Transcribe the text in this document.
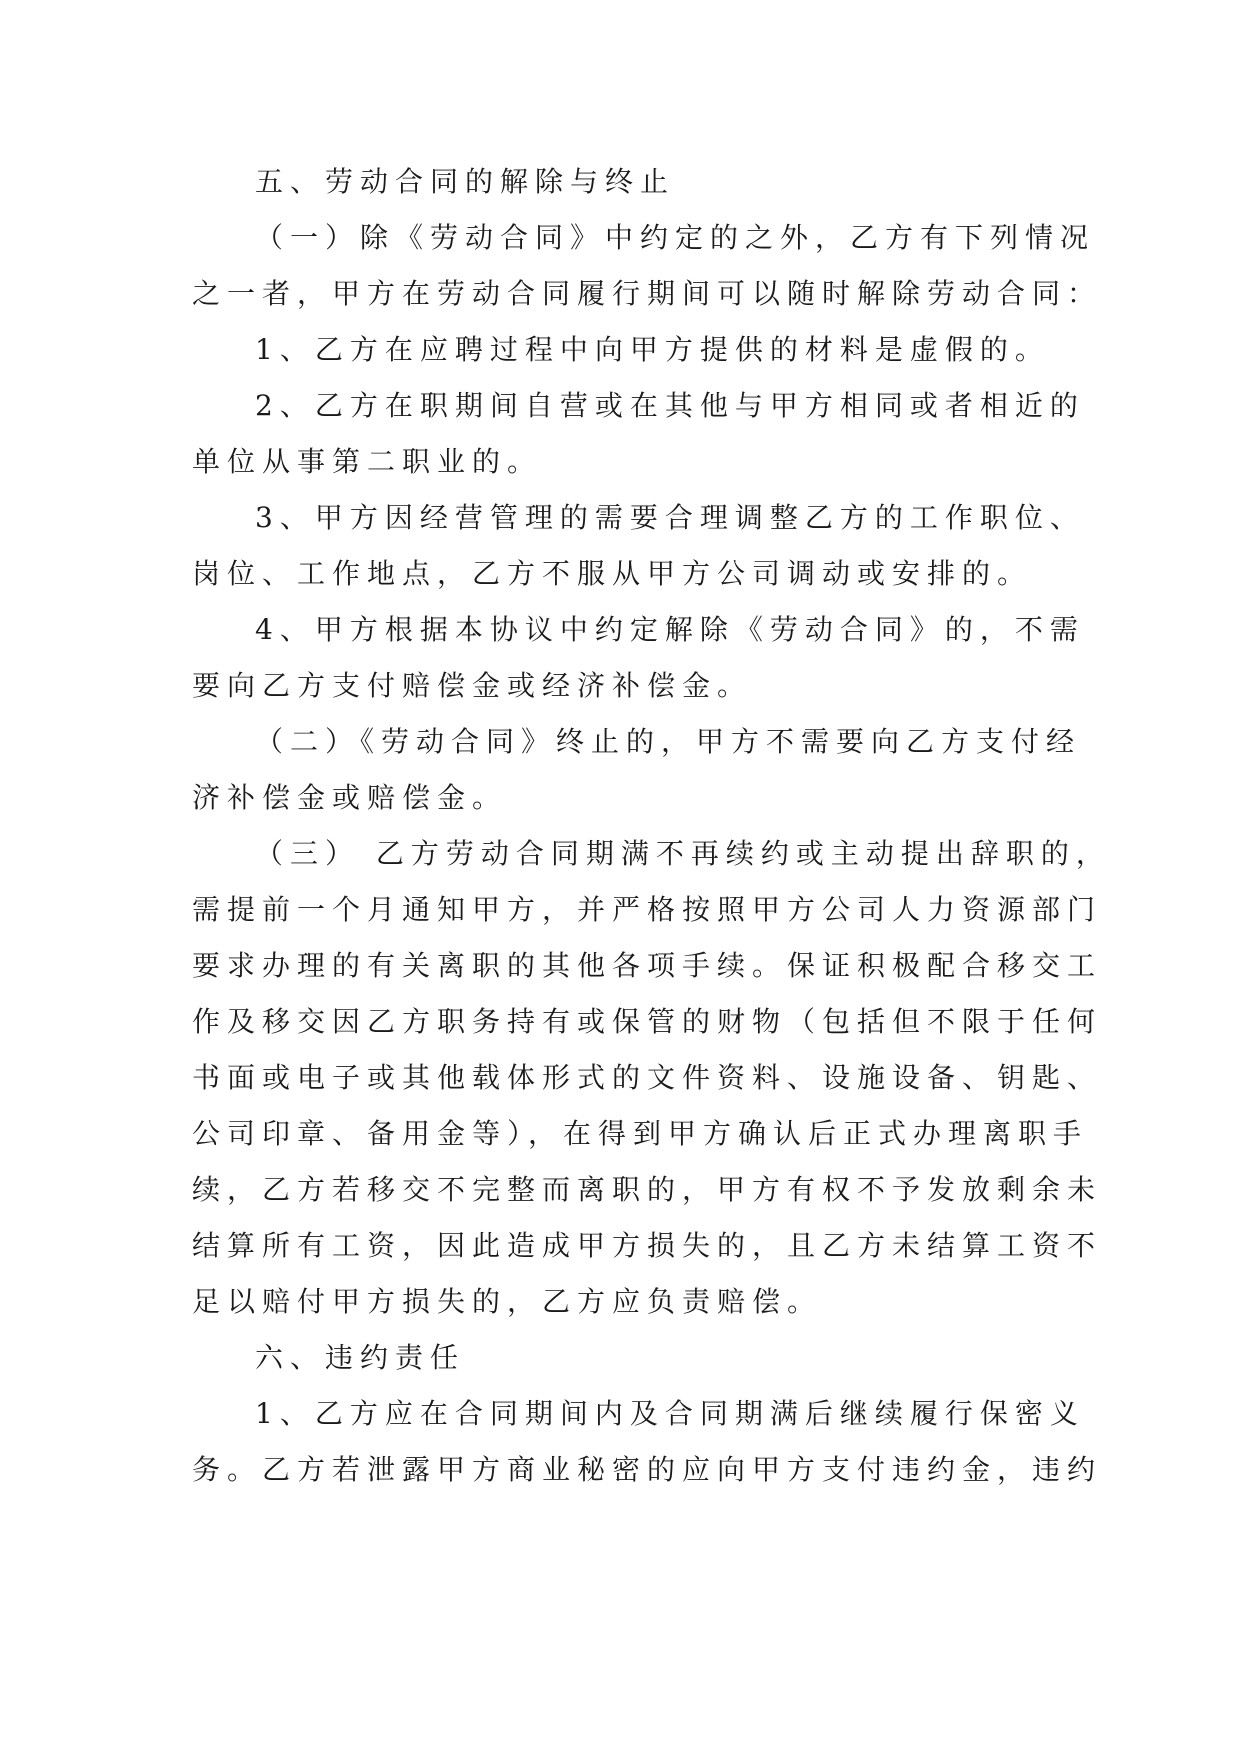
五、劳动合同的解除与终止
（一）除《劳动合同》中约定的之外，乙方有下列情况
之一者，甲方在劳动合同履行期间可以随时解除劳动合同：
1、乙方在应聘过程中向甲方提供的材料是虚假的。
2、乙方在职期间自营或在其他与甲方相同或者相近的
单位从事第二职业的。
3、甲方因经营管理的需要合理调整乙方的工作职位、
岗位、工作地点，乙方不服从甲方公司调动或安排的。
4、甲方根据本协议中约定解除《劳动合同》的，不需
要向乙方支付赔偿金或经济补偿金。
（二）《劳动合同》终止的，甲方不需要向乙方支付经
济补偿金或赔偿金。
（三） 乙方劳动合同期满不再续约或主动提出辞职的，
需提前一个月通知甲方，并严格按照甲方公司人力资源部门
要求办理的有关离职的其他各项手续。保证积极配合移交工
作及移交因乙方职务持有或保管的财物（包括但不限于任何
书面或电子或其他载体形式的文件资料、设施设备、钥匙、
公司印章、备用金等），在得到甲方确认后正式办理离职手
续，乙方若移交不完整而离职的，甲方有权不予发放剩余未
结算所有工资，因此造成甲方损失的，且乙方未结算工资不
足以赔付甲方损失的，乙方应负责赔偿。
六、违约责任
1、乙方应在合同期间内及合同期满后继续履行保密义
务。乙方若泄露甲方商业秘密的应向甲方支付违约金，违约
